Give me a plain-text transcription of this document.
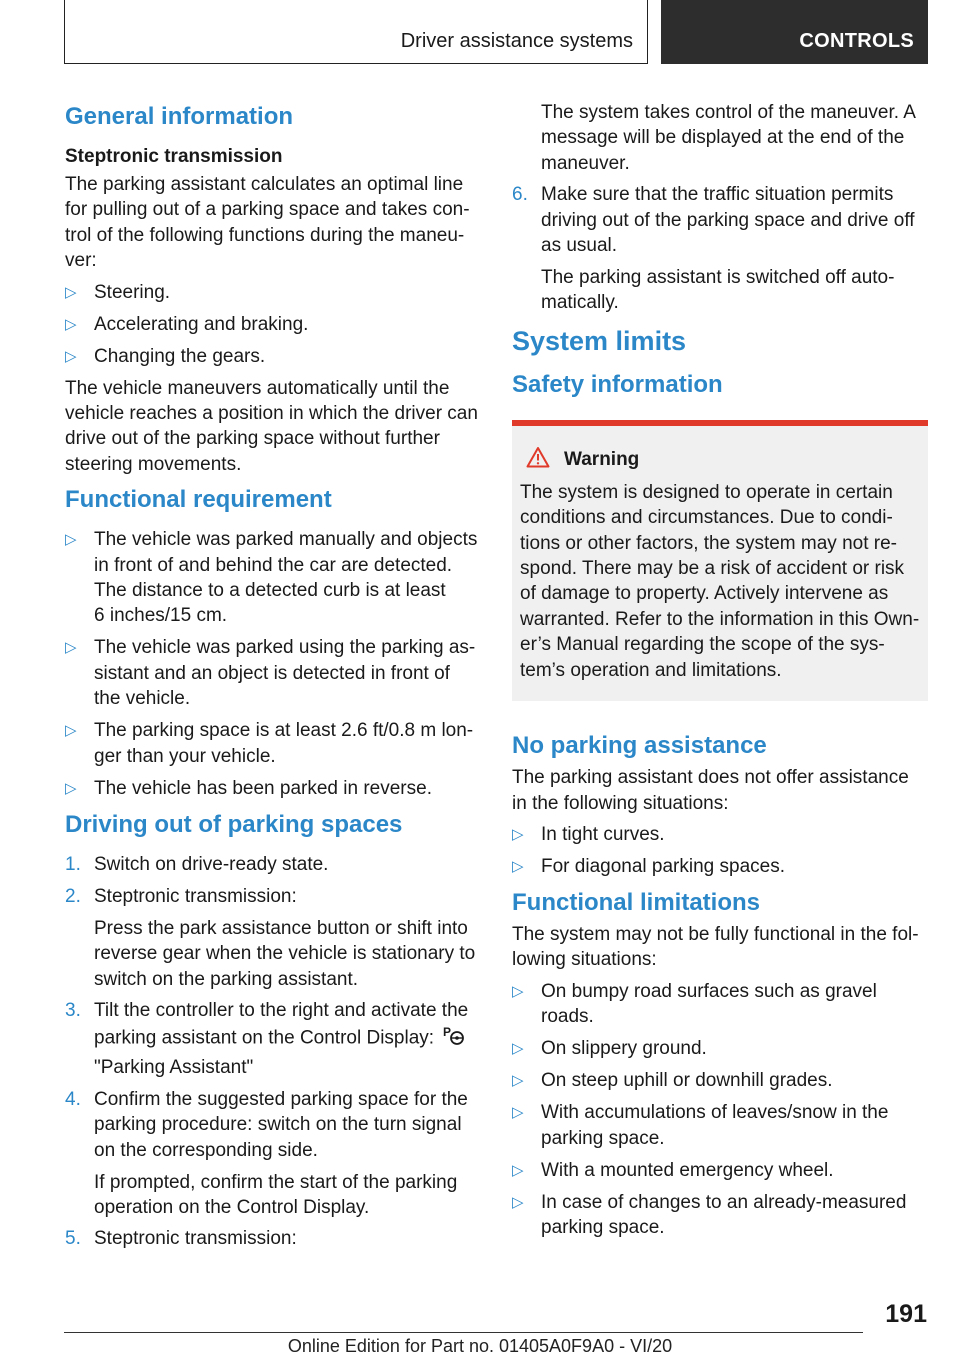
Driver assistance systems	CONTROLS
General information
Steptronic transmission

The parking assistant calculates an optimal line
for pulling out of a parking space and takes con‐
trol of the following functions during the maneu‐
ver:

▷ Steering.
▷ Accelerating and braking.
▷ Changing the gears.

The vehicle maneuvers automatically until the
vehicle reaches a position in which the driver can
drive out of the parking space without further
steering movements.

Functional requirement
▷ The vehicle was parked manually and objects
in front of and behind the car are detected.
The distance to a detected curb is at least
6 inches/15 cm.
▷ The vehicle was parked using the parking as‐
sistant and an object is detected in front of
the vehicle.
▷ The parking space is at least 2.6 ft/0.8 m lon‐
ger than your vehicle.
▷ The vehicle has been parked in reverse.
Driving out of parking spaces
1. Switch on drive-ready state.
2. Steptronic transmission:

Press the park assistance button or shift into
reverse gear when the vehicle is stationary to
switch on the parking assistant.

3. Tilt the controller to the right and activate the
parking assistant on the Control Display: P

"Parking Assistant"
4. Confirm the suggested parking space for the
parking procedure: switch on the turn signal
on the corresponding side.

If prompted, confirm the start of the parking
operation on the Control Display.

5. Steptronic transmission:

The system takes control of the maneuver. A
message will be displayed at the end of the
maneuver.

6. Make sure that the traffic situation permits
driving out of the parking space and drive off
as usual.

The parking assistant is switched off auto‐
matically.

System limits
Safety information
Warning

The system is designed to operate in certain
conditions and circumstances. Due to condi‐
tions or other factors, the system may not re‐
spond. There may be a risk of accident or risk
of damage to property. Actively intervene as
warranted. Refer to the information in this Own‐
er’s Manual regarding the scope of the sys‐
tem’s operation and limitations.

No parking assistance

The parking assistant does not offer assistance
in the following situations:

▷ In tight curves.
▷ For diagonal parking spaces.
Functional limitations

The system may not be fully functional in the fol‐
lowing situations:

▷ On bumpy road surfaces such as gravel
roads.
▷ On slippery ground.
▷ On steep uphill or downhill grades.
▷ With accumulations of leaves/snow in the
parking space.
▷ With a mounted emergency wheel.
▷ In case of changes to an already-measured
parking space.
191
Online Edition for Part no. 01405A0F9A0 - VI/20
